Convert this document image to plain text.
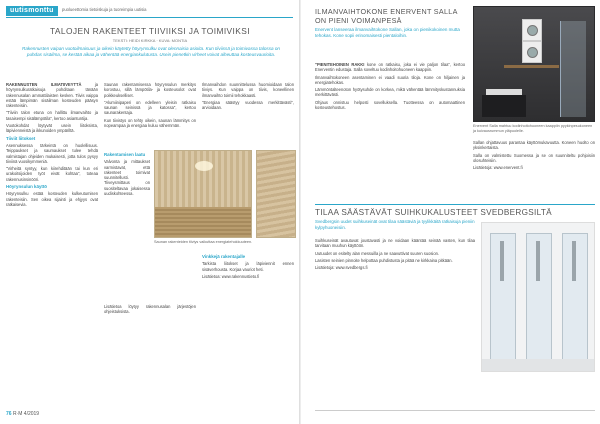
uutismonttu	puolueettomia tietoiskuja ja tuoreimpia uutisia
TALOJEN RAKENTEET TIIVIIKSI JA TOIMIVIKSI
TEKSTI: HEIDI KIRKKA · KUVA: MONTIA
Rakennusten vaipan vuotoilmaisuus ja oikein käytetty höyrynsulku ovat olennaisia asioita. Kun tiiviissä ja toimivassa talossa on puhdas sisäilma, se kestää aikaa ja vähentää energiankulutusta. Usein pienetkin virheet voivat aiheuttaa kosteusvaurioita.

RAKENNUSTEN ILMATIIVEYTTÄ	ja höyrynsulkuratkaisuja pohditaan tänään rakennusalan ammattilaisten kesken. Tiivis vaippa estää lämpimän sisäilman kosteuden pääsyn rakenteisiin.

"Tiiviin talon etuna on hallittu ilmanvaihto ja tasaisempi sisälämpötila", kertoo asiantuntija.

Vuotokohdat löytyvät usein liitoksista, läpivienneistä ja ikkunoiden ympäriltä.

Tiiviit liitokset

Asennuksessa tärkeintä on huolellisuus. Teippaukset ja saumaukset tulee tehdä valmistajan ohjeiden mukaisesti, jotta tulos pysyy tiiviinä vuosikymmeniä.

"Virheitä syntyy, kun kiirehditään tai kun eri urakoitsijoiden työt eivät kohtaa", toteaa rakennusinsinööri.

Höyrynsulun käyttö

Höyrynsulku estää kosteuden kulkeutumisen rakenteisiin. Sen oikea sijainti ja ehjyys ovat ratkaisevia.

Saunan rakentamisessa höyrynsulun merkitys korostuu, sillä lämpötila- ja kosteusolot ovat poikkeukselliset.

"Alumiinipaperi on edelleen yleisin ratkaisu saunan seinissä ja katossa", kertoo saunarakentaja.

Kun tiivistys on tehty oikein, saunan lämmitys on nopeampaa ja energiaa kuluu vähemmän.

Ilmanvaihdon suunnittelussa huomioidaan talon tiiviys. Kun vaippa on tiivis, koneellinen ilmanvaihto toimii tehokkaasti.

"Energiaa säästyy vuodessa merkittävästi", arvioidaan.

Rakentamisen laatu

Valvonta ja mittaukset varmistavat, että rakenteet toimivat suunnitellusti. Tiiveysmittaus on suositeltavaa jokaisessa uudiskohteessa.

Saunan rakenteiden tiiviys vaikuttaa energiatehokkuuteen.

Lisätietoa löytyy rakennusalan järjestöjen ohjeistuksista.

Vinkkejä rakentajalle

Tarkista liitokset ja läpiviennit ennen sisäverhousta. Korjaa vauriot heti.

Lisätietoa: www.rakennustieto.fi

76 R·M 4/2019
ILMANVAIHTOKONE ENERVENT SALLA ON PIENI VOIMANPESÄ
Enervent lanseeraa ilmanvaihtokone Sallan, joka on pienikokoinen mutta tehokas. Kone sopii erinomaisesti pientaloihin.

"PIENITEHOINEN RAKKI kone on ratkaisu, joka ei vie paljon tilaa", kertoo Enerventin edustaja. Salla soveltuu kodinhoitohuoneen kaappiin.

Ilmanvaihtokoneen asentaminen ei vaadi suuria tiloja. Kone on hiljainen ja energiatehokas.

Lämmöntalteenoton hyötysuhde on korkea, mikä vähentää lämmityskustannuksia merkittävästi.

Ohjaus onnistuu helposti sovelluksella. Tuotteessa on automaattinen kosteustehostus.

Enervent Salla mahtuu kodinhoitohuoneen kaappiin pyykinpesukoneen ja kuivausrummun yläpuolelle.

Sallan ohjattavuus parantaa käyttömukavuutta. Koneen huolto on yksinkertaista.

Salla on valmistettu Suomessa ja se on suunniteltu pohjoisiin olosuhteisiin.

Lisätietoja: www.enervent.fi

TILAA SÄÄSTÄVÄT SUIHKUKALUSTEET SVEDBERGSILTÄ
Svedbergsin uudet suihkuseinät ovat tilaa säästäviä ja tyylikkäitä ratkaisuja pieniin kylpyhuoneisiin.

Suihkuseinät avautuvat joustavasti ja ne voidaan kääntää seinää vasten, kun tilaa tarvitaan muuhun käyttöön.

Uutuudet on esitelty alan messuilla ja ne saavuttivat suuren suosion.

Lasisten seinien pinnoite helpottaa puhdistusta ja pitää ne kirkkaina pitkään.

Lisätietoja: www.svedbergs.fi
